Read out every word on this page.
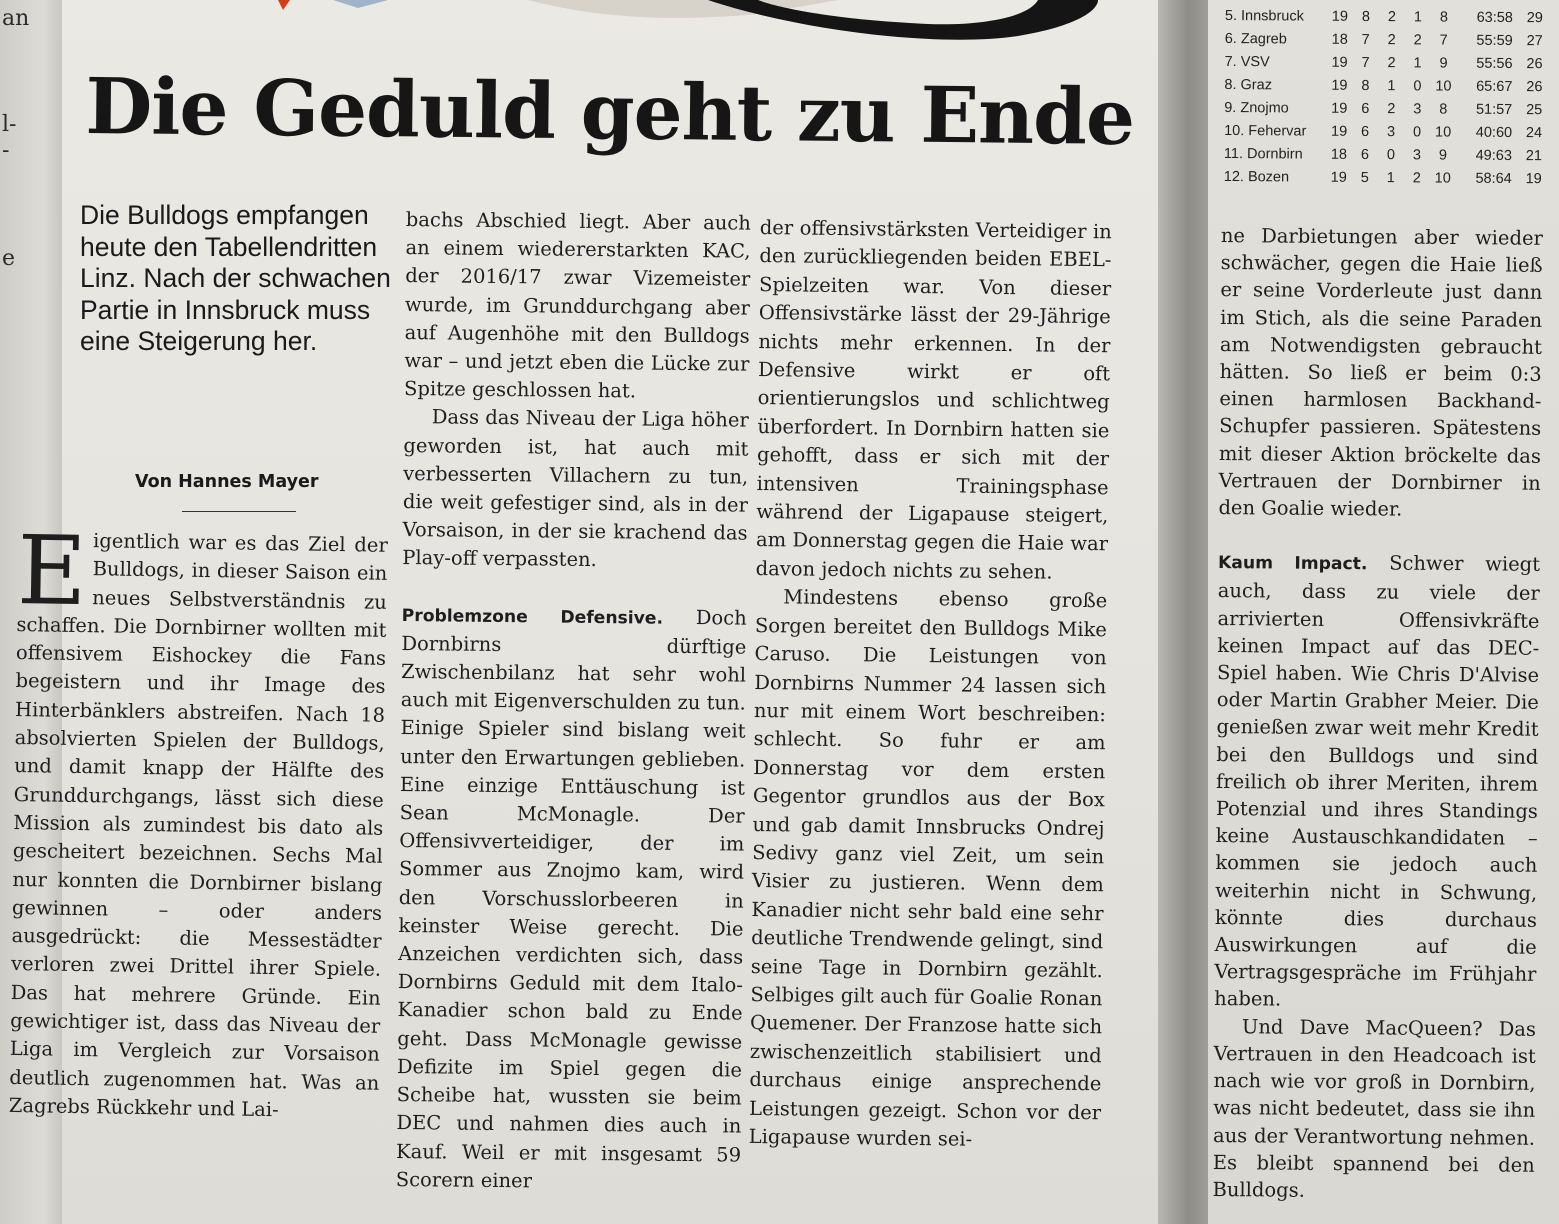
an
l-
-
e
Die Geduld geht zu Ende

Die Bulldogs empfangen heute den Tabellendritten Linz. Nach der schwachen Partie in Innsbruck muss eine Steigerung her.

Von Hannes Mayer
E igentlich war es das Ziel der Bulldogs, in dieser Saison ein neues Selbstverständnis zu schaffen. Die Dornbirner wollten mit offensivem Eishockey die Fans begeistern und ihr Image des Hinterbänklers abstreifen. Nach 18 absolvierten Spielen der Bulldogs, und damit knapp der Hälfte des Grunddurchgangs, lässt sich diese Mission als zumindest bis dato als gescheitert bezeichnen. Sechs Mal nur konnten die Dornbirner bislang gewinnen – oder anders ausgedrückt: die Messestädter verloren zwei Drittel ihrer Spiele. Das hat mehrere Gründe. Ein gewichtiger ist, dass das Niveau der Liga im Vergleich zur Vorsaison deutlich zugenommen hat. Was an Zagrebs Rückkehr und Lai-

bachs Abschied liegt. Aber auch an einem wiedererstarkten KAC, der 2016/17 zwar Vizemeister wurde, im Grunddurchgang aber auf Augenhöhe mit den Bulldogs war – und jetzt eben die Lücke zur Spitze geschlossen hat.

Dass das Niveau der Liga höher geworden ist, hat auch mit verbesserten Villachern zu tun, die weit gefestiger sind, als in der Vorsaison, in der sie krachend das Play-off verpassten.

Problemzone Defensive. Doch Dornbirns dürftige Zwischenbilanz hat sehr wohl auch mit Eigenverschulden zu tun. Einige Spieler sind bislang weit unter den Erwartungen geblieben. Eine einzige Enttäuschung ist Sean McMonagle. Der Offensivverteidiger, der im Sommer aus Znojmo kam, wird den Vorschusslorbeeren in keinster Weise gerecht. Die Anzeichen verdichten sich, dass Dornbirns Geduld mit dem Italo-Kanadier schon bald zu Ende geht. Dass McMonagle gewisse Defizite im Spiel gegen die Scheibe hat, wussten sie beim DEC und nahmen dies auch in Kauf. Weil er mit insgesamt 59 Scorern einer

der offensivstärksten Verteidiger in den zurückliegenden beiden EBEL-Spielzeiten war. Von dieser Offensivstärke lässt der 29-Jährige nichts mehr erkennen. In der Defensive wirkt er oft orientierungslos und schlichtweg überfordert. In Dornbirn hatten sie gehofft, dass er sich mit der intensiven Trainingsphase während der Ligapause steigert, am Donnerstag gegen die Haie war davon jedoch nichts zu sehen.

Mindestens ebenso große Sorgen bereitet den Bulldogs Mike Caruso. Die Leistungen von Dornbirns Nummer 24 lassen sich nur mit einem Wort beschreiben: schlecht. So fuhr er am Donnerstag vor dem ersten Gegentor grundlos aus der Box und gab damit Innsbrucks Ondrej Sedivy ganz viel Zeit, um sein Visier zu justieren. Wenn dem Kanadier nicht sehr bald eine sehr deutliche Trendwende gelingt, sind seine Tage in Dornbirn gezählt. Selbiges gilt auch für Goalie Ronan Quemener. Der Franzose hatte sich zwischenzeitlich stabilisiert und durchaus einige ansprechende Leistungen gezeigt. Schon vor der Ligapause wurden sei-

5. Innsbruck	19	8	2	1	8	63:58	29
6. Zagreb	18	7	2	2	7	55:59	27
7. VSV	19	7	2	1	9	55:56	26
8. Graz	19	8	1	0	10	65:67	26
9. Znojmo	19	6	2	3	8	51:57	25
10. Fehervar	19	6	3	0	10	40:60	24
11. Dornbirn	18	6	0	3	9	49:63	21
12. Bozen	19	5	1	2	10	58:64	19

ne Darbietungen aber wieder schwächer, gegen die Haie ließ er seine Vorderleute just dann im Stich, als die seine Paraden am Notwendigsten gebraucht hätten. So ließ er beim 0:3 einen harmlosen Backhand-Schupfer passieren. Spätestens mit dieser Aktion bröckelte das Vertrauen der Dornbirner in den Goalie wieder.

Kaum Impact. Schwer wiegt auch, dass zu viele der arrivierten Offensivkräfte keinen Impact auf das DEC-Spiel haben. Wie Chris D'Alvise oder Martin Grabher Meier. Die genießen zwar weit mehr Kredit bei den Bulldogs und sind freilich ob ihrer Meriten, ihrem Potenzial und ihres Standings keine Austauschkandidaten – kommen sie jedoch auch weiterhin nicht in Schwung, könnte dies durchaus Auswirkungen auf die Vertragsgespräche im Frühjahr haben.

Und Dave MacQueen? Das Vertrauen in den Headcoach ist nach wie vor groß in Dornbirn, was nicht bedeutet, dass sie ihn aus der Verantwortung nehmen. Es bleibt spannend bei den Bulldogs.
